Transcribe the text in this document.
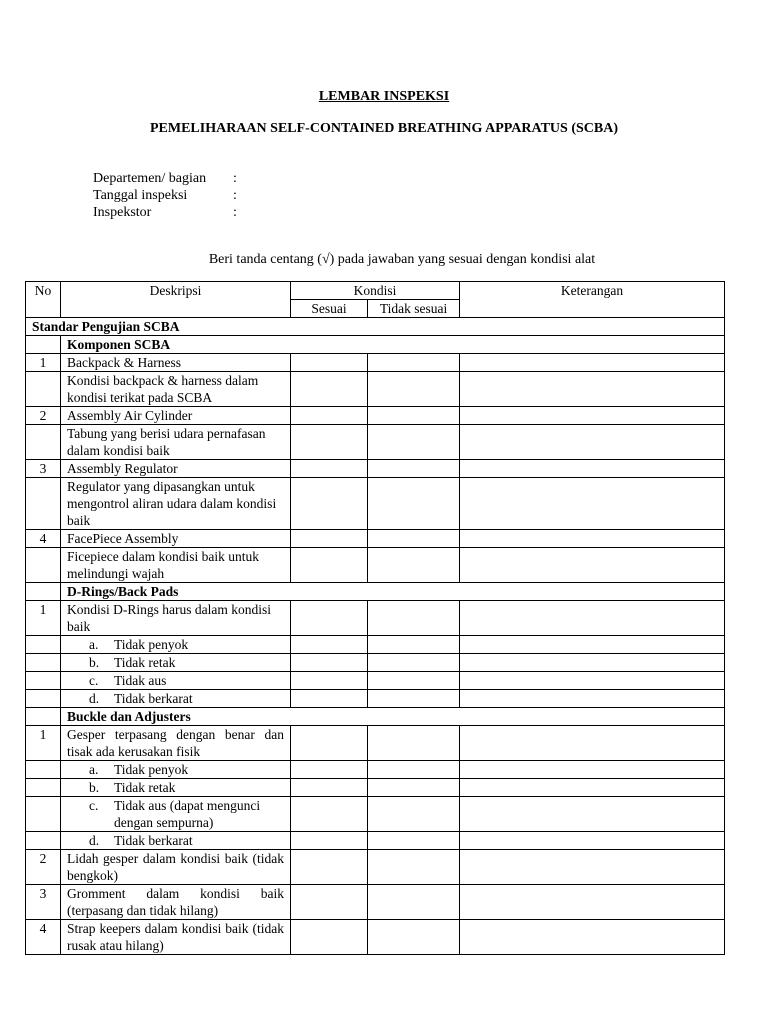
LEMBAR INSPEKSI
PEMELIHARAAN SELF-CONTAINED BREATHING APPARATUS (SCBA)
Departemen/ bagian :
Tanggal inspeksi	:
Inspekstor	:
Beri tanda centang (√) pada jawaban yang sesuai dengan kondisi alat
No	Deskripsi	Kondisi		Keterangan
		Sesuai	Tidak sesuai	
Standar Pengujian SCBA				
	Komponen SCBA			
1	Backpack & Harness			
	Kondisi backpack & harness dalam kondisi terikat pada SCBA			
2	Assembly Air Cylinder			
	Tabung yang berisi udara pernafasan dalam kondisi baik			
3	Assembly Regulator			
	Regulator yang dipasangkan untuk mengontrol aliran udara dalam kondisi baik			
4	FacePiece Assembly			
	Ficepiece dalam kondisi baik untuk melindungi wajah			
	D-Rings/Back Pads			
1	Kondisi D-Rings harus dalam kondisi baik			

	a. Tidak penyok			

	b. Tidak retak			

	c. Tidak aus			

	d. Tidak berkarat			

	Buckle dan Adjusters			
1	Gesper terpasang dengan benar dan tisak ada kerusakan fisik			

	a. Tidak penyok			

	b. Tidak retak			

	c. Tidak aus (dapat mengunci dengan sempurna)			

	d. Tidak berkarat			

2	Lidah gesper dalam kondisi baik (tidak bengkok)			
3	Gromment dalam kondisi baik (terpasang dan tidak hilang)			
4	Strap keepers dalam kondisi baik (tidak rusak atau hilang)			
